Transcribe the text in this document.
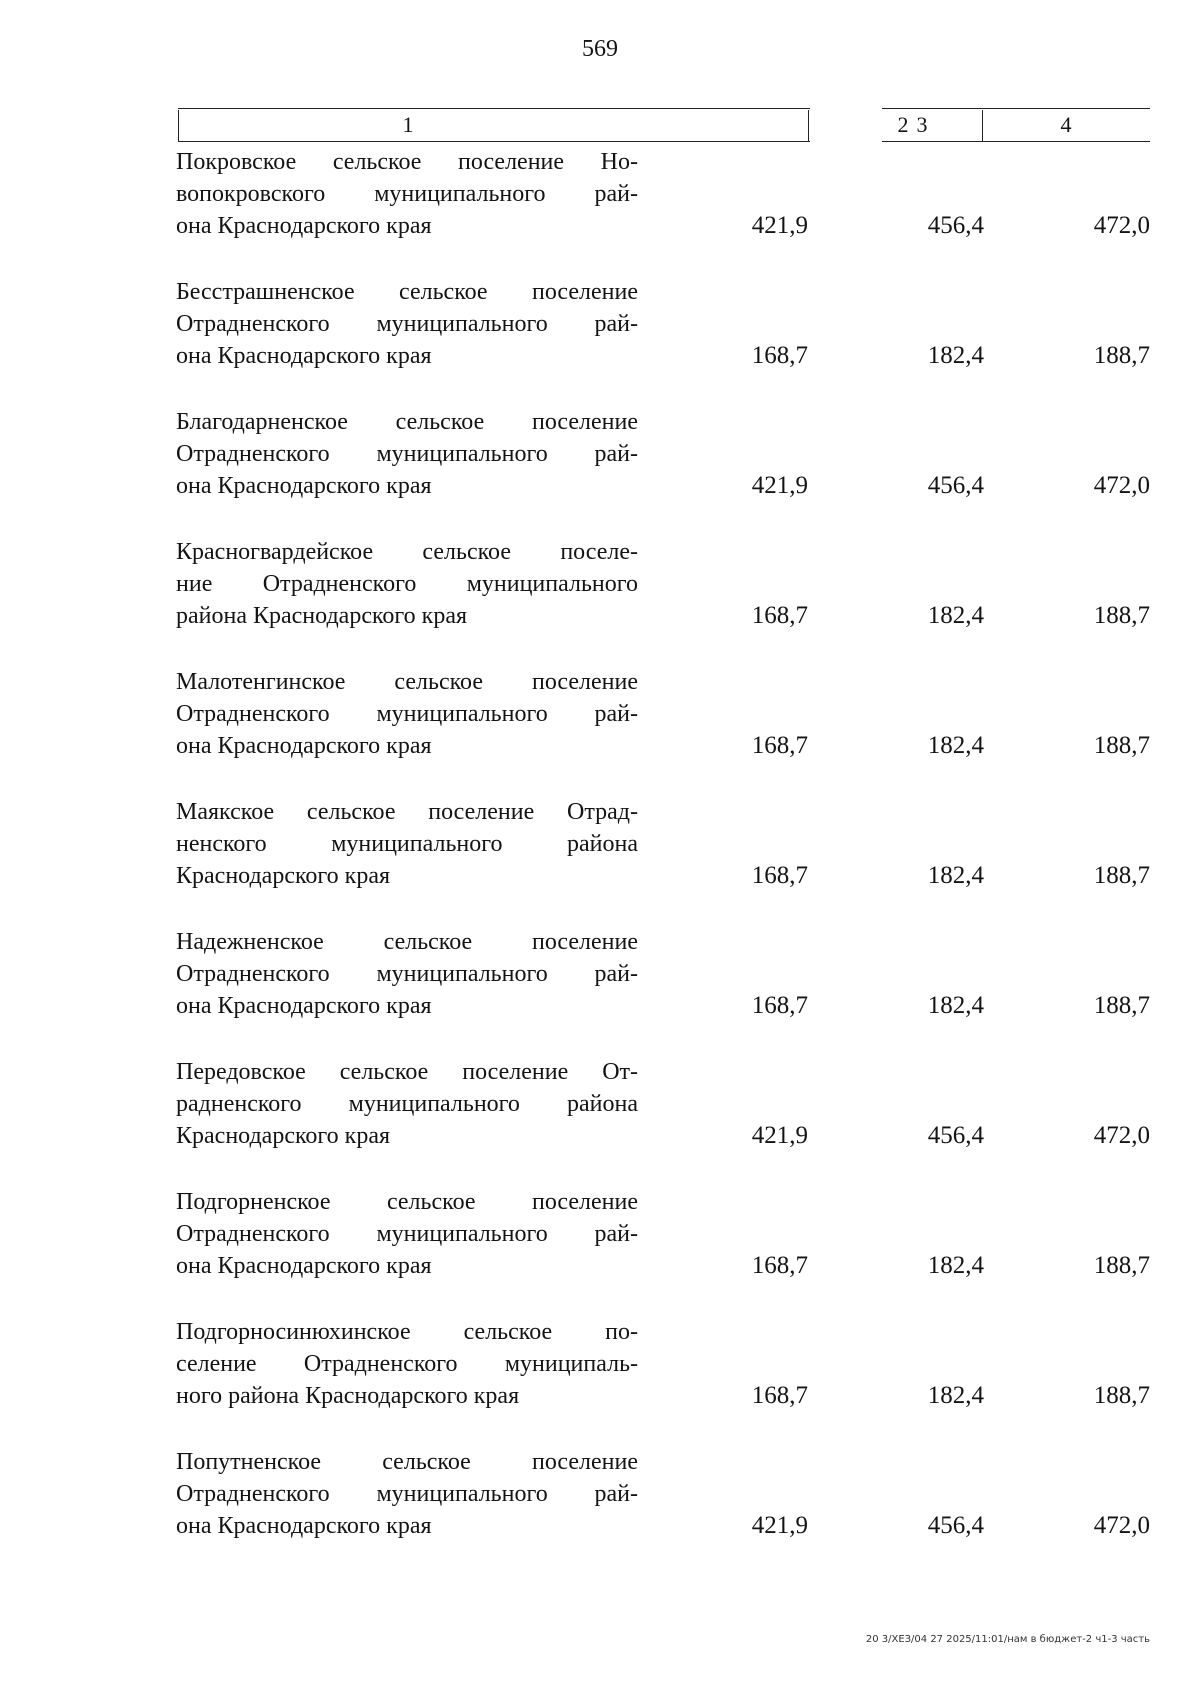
569
1	2 3	4
Покровское сельское поселение Но-
вопокровского муниципального рай-
она Краснодарского края	421,9	456,4	472,0
Бесстрашненское сельское поселение
Отрадненского муниципального рай-
она Краснодарского края	168,7	182,4	188,7
Благодарненское сельское поселение
Отрадненского муниципального рай-
она Краснодарского края	421,9	456,4	472,0
Красногвардейское сельское поселе-
ние Отрадненского муниципального
района Краснодарского края	168,7	182,4	188,7
Малотенгинское сельское поселение
Отрадненского муниципального рай-
она Краснодарского края	168,7	182,4	188,7
Маякское сельское поселение Отрад-
ненского муниципального района
Краснодарского края	168,7	182,4	188,7
Надежненское сельское поселение
Отрадненского муниципального рай-
она Краснодарского края	168,7	182,4	188,7
Передовское сельское поселение От-
радненского муниципального района
Краснодарского края	421,9	456,4	472,0
Подгорненское сельское поселение
Отрадненского муниципального рай-
она Краснодарского края	168,7	182,4	188,7
Подгорносинюхинское сельское по-
селение Отрадненского муниципаль-
ного района Краснодарского края	168,7	182,4	188,7
Попутненское сельское поселение
Отрадненского муниципального рай-
она Краснодарского края	421,9	456,4	472,0
20 3/ХЕЗ/04 27 2025/11:01/нам в бюджет-2 ч1-3 часть
